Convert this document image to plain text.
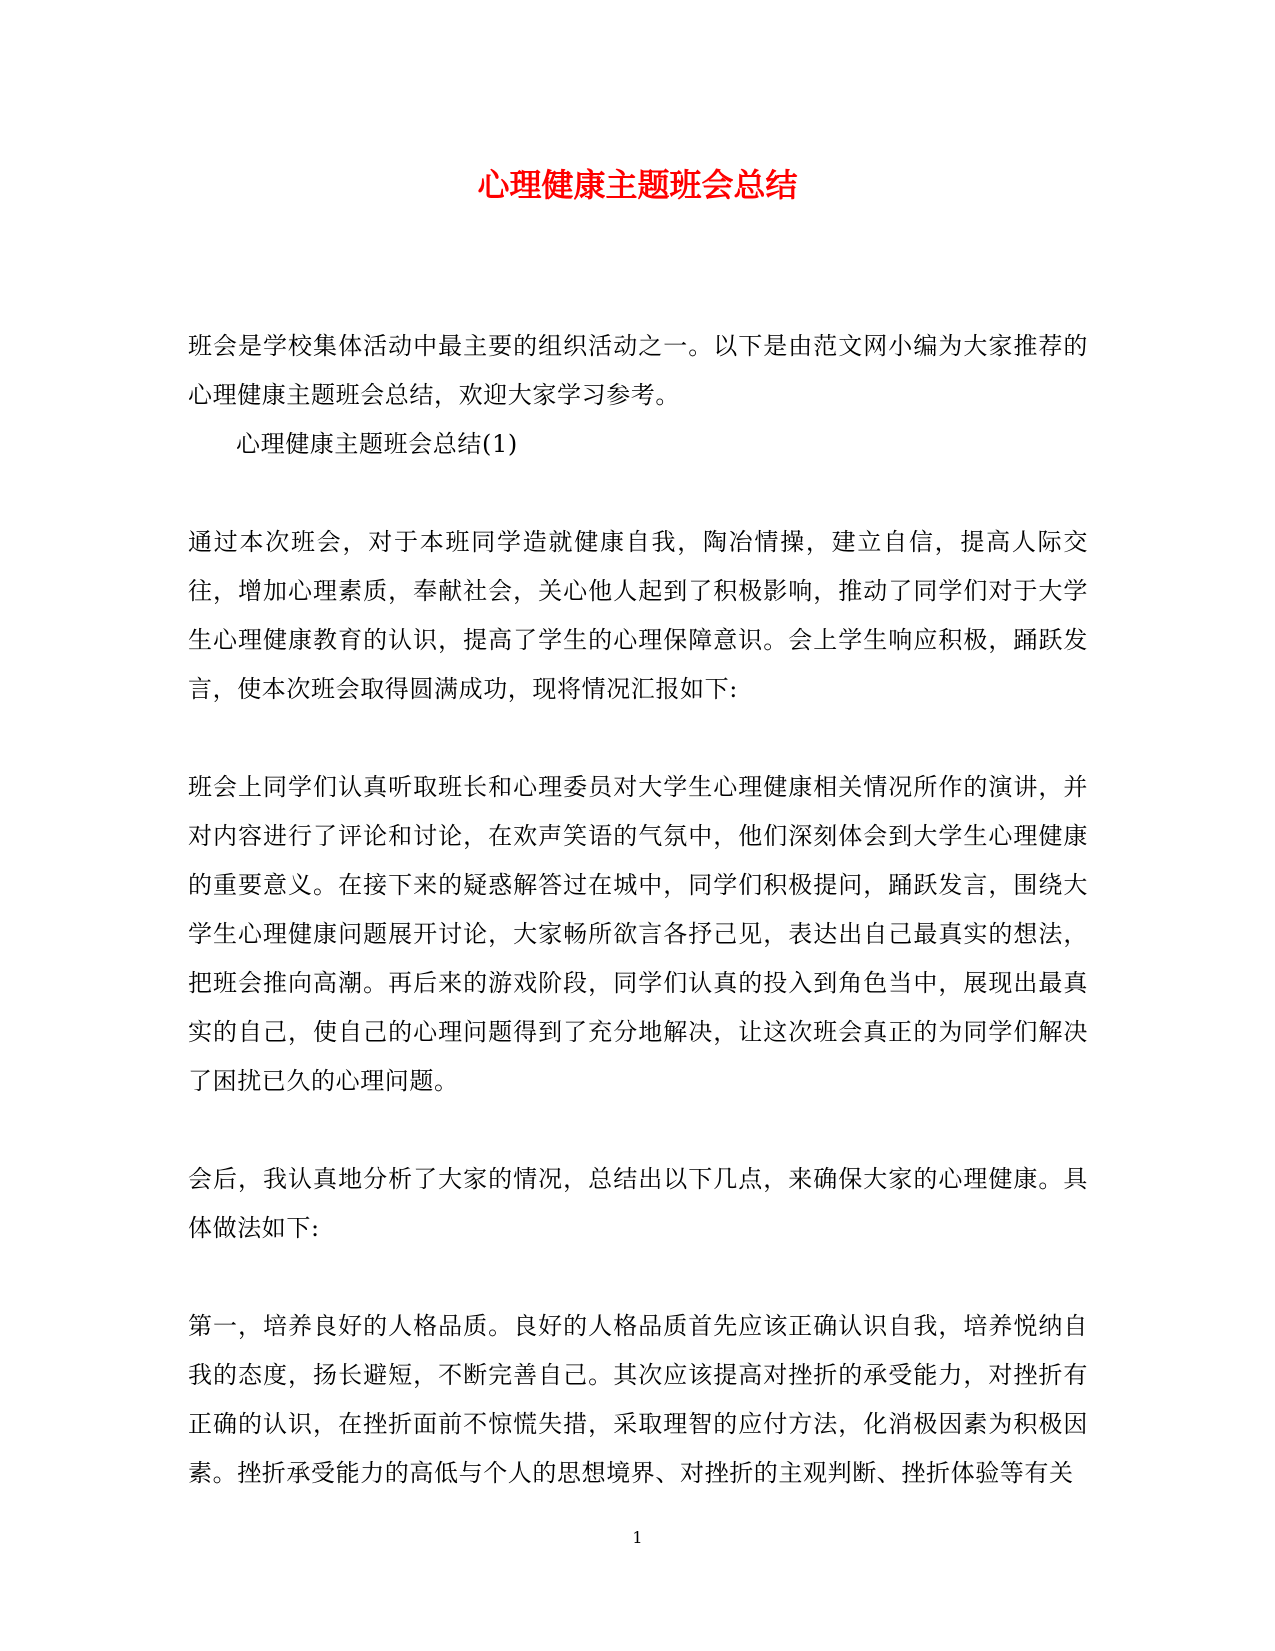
心理健康主题班会总结

班会是学校集体活动中最主要的组织活动之一。以下是由范文网小编为大家推荐的心理健康主题班会总结，欢迎大家学习参考。

心理健康主题班会总结(1)

通过本次班会，对于本班同学造就健康自我，陶冶情操，建立自信，提高人际交往，增加心理素质，奉献社会，关心他人起到了积极影响，推动了同学们对于大学生心理健康教育的认识，提高了学生的心理保障意识。会上学生响应积极，踊跃发言，使本次班会取得圆满成功，现将情况汇报如下:

班会上同学们认真听取班长和心理委员对大学生心理健康相关情况所作的演讲，并对内容进行了评论和讨论，在欢声笑语的气氛中，他们深刻体会到大学生心理健康的重要意义。在接下来的疑惑解答过在城中，同学们积极提问，踊跃发言，围绕大学生心理健康问题展开讨论，大家畅所欲言各抒己见，表达出自己最真实的想法，把班会推向高潮。再后来的游戏阶段，同学们认真的投入到角色当中，展现出最真实的自己，使自己的心理问题得到了充分地解决，让这次班会真正的为同学们解决了困扰已久的心理问题。

会后，我认真地分析了大家的情况，总结出以下几点，来确保大家的心理健康。具体做法如下:

第一，培养良好的人格品质。良好的人格品质首先应该正确认识自我，培养悦纳自我的态度，扬长避短，不断完善自己。其次应该提高对挫折的承受能力，对挫折有正确的认识，在挫折面前不惊慌失措，采取理智的应付方法，化消极因素为积极因素。挫折承受能力的高低与个人的思想境界、对挫折的主观判断、挫折体验等有关

1
